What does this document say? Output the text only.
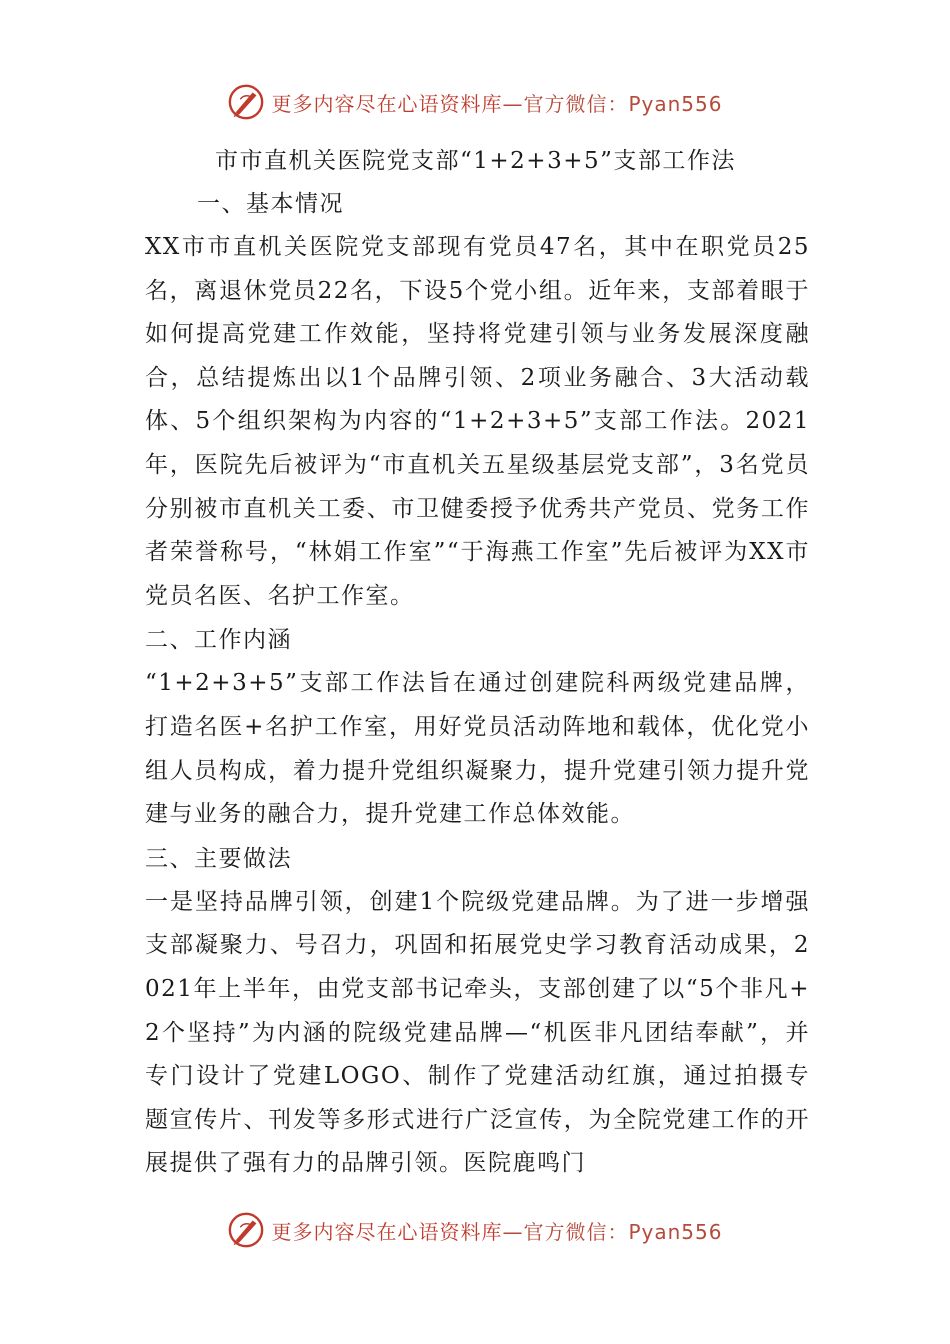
更多内容尽在心语资料库—官方微信：Pyan556
市市直机关医院党支部“1+2+3+5”支部工作法
一、基本情况

XX市市直机关医院党支部现有党员47名，其中在职党员25名，离退休党员22名，下设5个党小组。近年来，支部着眼于如何提高党建工作效能，坚持将党建引领与业务发展深度融合，总结提炼出以1个品牌引领、2项业务融合、3大活动载体、5个组织架构为内容的“1+2+3+5”支部工作法。2021年，医院先后被评为“市直机关五星级基层党支部”，3名党员分别被市直机关工委、市卫健委授予优秀共产党员、党务工作者荣誉称号，“林娟工作室”“于海燕工作室”先后被评为XX市党员名医、名护工作室。

二、工作内涵

“1+2+3+5”支部工作法旨在通过创建院科两级党建品牌，打造名医+名护工作室，用好党员活动阵地和载体，优化党小组人员构成，着力提升党组织凝聚力，提升党建引领力提升党建与业务的融合力，提升党建工作总体效能。

三、主要做法

一是坚持品牌引领，创建1个院级党建品牌。为了进一步增强支部凝聚力、号召力，巩固和拓展党史学习教育活动成果，2021年上半年，由党支部书记牵头，支部创建了以“5个非凡+2个坚持”为内涵的院级党建品牌—“机医非凡团结奉献”，并专门设计了党建LOGO、制作了党建活动红旗，通过拍摄专题宣传片、刊发等多形式进行广泛宣传，为全院党建工作的开展提供了强有力的品牌引领。医院鹿鸣门

更多内容尽在心语资料库—官方微信：Pyan556
